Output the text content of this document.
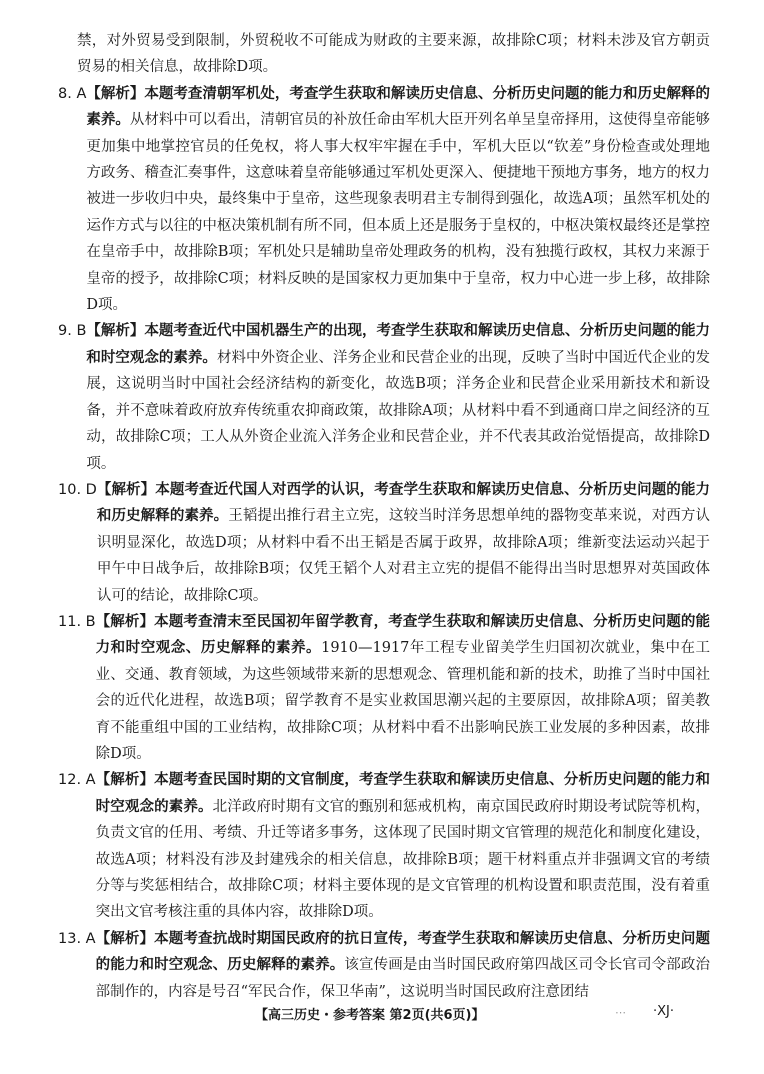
禁，对外贸易受到限制，外贸税收不可能成为财政的主要来源，故排除C项；材料未涉及官方朝贡贸易的相关信息，故排除D项。

8. A 【解析】本题考查清朝军机处，考查学生获取和解读历史信息、分析历史问题的能力和历史解释的素养。从材料中可以看出，清朝官员的补放任命由军机大臣开列名单呈皇帝择用，这使得皇帝能够更加集中地掌控官员的任免权，将人事大权牢牢握在手中，军机大臣以“钦差”身份检查或处理地方政务、稽查汇奏事件，这意味着皇帝能够通过军机处更深入、便捷地干预地方事务，地方的权力被进一步收归中央，最终集中于皇帝，这些现象表明君主专制得到强化，故选A项；虽然军机处的运作方式与以往的中枢决策机制有所不同，但本质上还是服务于皇权的，中枢决策权最终还是掌控在皇帝手中，故排除B项；军机处只是辅助皇帝处理政务的机构，没有独揽行政权，其权力来源于皇帝的授予，故排除C项；材料反映的是国家权力更加集中于皇帝，权力中心进一步上移，故排除D项。

9. B 【解析】本题考查近代中国机器生产的出现，考查学生获取和解读历史信息、分析历史问题的能力和时空观念的素养。材料中外资企业、洋务企业和民营企业的出现，反映了当时中国近代企业的发展，这说明当时中国社会经济结构的新变化，故选B项；洋务企业和民营企业采用新技术和新设备，并不意味着政府放弃传统重农抑商政策，故排除A项；从材料中看不到通商口岸之间经济的互动，故排除C项；工人从外资企业流入洋务企业和民营企业，并不代表其政治觉悟提高，故排除D项。

10. D 【解析】本题考查近代国人对西学的认识，考查学生获取和解读历史信息、分析历史问题的能力和历史解释的素养。王韬提出推行君主立宪，这较当时洋务思想单纯的器物变革来说，对西方认识明显深化，故选D项；从材料中看不出王韬是否属于政界，故排除A项；维新变法运动兴起于甲午中日战争后，故排除B项；仅凭王韬个人对君主立宪的提倡不能得出当时思想界对英国政体认可的结论，故排除C项。

11. B 【解析】本题考查清末至民国初年留学教育，考查学生获取和解读历史信息、分析历史问题的能力和时空观念、历史解释的素养。1910—1917年工程专业留美学生归国初次就业，集中在工业、交通、教育领域，为这些领域带来新的思想观念、管理机能和新的技术，助推了当时中国社会的近代化进程，故选B项；留学教育不是实业救国思潮兴起的主要原因，故排除A项；留美教育不能重组中国的工业结构，故排除C项；从材料中看不出影响民族工业发展的多种因素，故排除D项。

12. A 【解析】本题考查民国时期的文官制度，考查学生获取和解读历史信息、分析历史问题的能力和时空观念的素养。北洋政府时期有文官的甄别和惩戒机构，南京国民政府时期设考试院等机构，负责文官的任用、考绩、升迁等诸多事务，这体现了民国时期文官管理的规范化和制度化建设，故选A项；材料没有涉及封建残余的相关信息，故排除B项；题干材料重点并非强调文官的考绩分等与奖惩相结合，故排除C项；材料主要体现的是文官管理的机构设置和职责范围，没有着重突出文官考核注重的具体内容，故排除D项。

13. A 【解析】本题考查抗战时期国民政府的抗日宣传，考查学生获取和解读历史信息、分析历史问题的能力和时空观念、历史解释的素养。该宣传画是由当时国民政府第四战区司令长官司令部政治部制作的，内容是号召“军民合作，保卫华南”，这说明当时国民政府注意团结

【高三历史・参考答案 第2页(共6页)】	⋯ ·XJ·
